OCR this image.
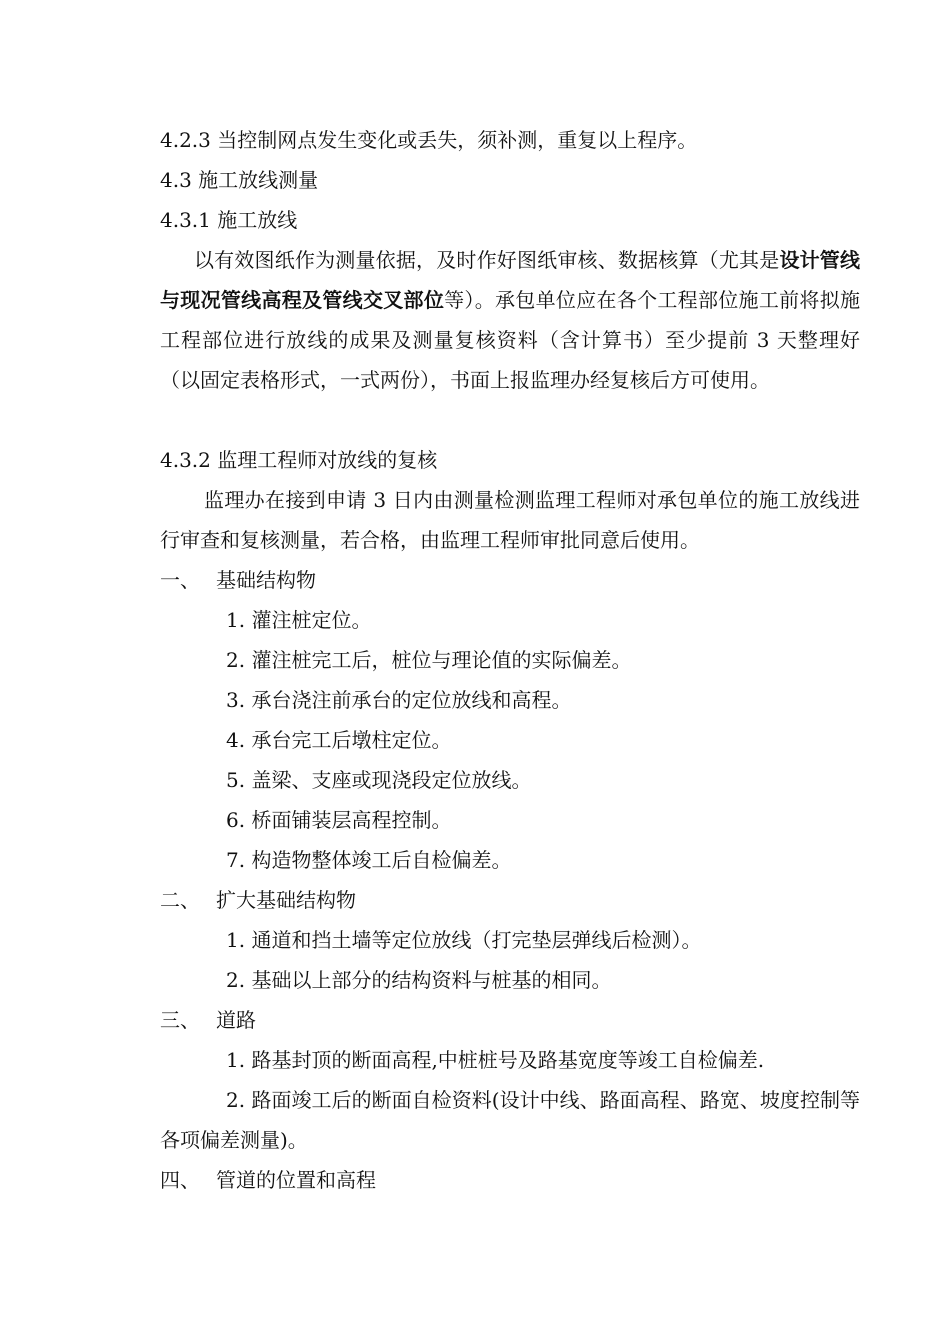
4.2.3 当控制网点发生变化或丢失，须补测，重复以上程序。
4.3 施工放线测量
4.3.1 施工放线
以有效图纸作为测量依据，及时作好图纸审核、数据核算（尤其是设计管线与现况管线高程及管线交叉部位等）。承包单位应在各个工程部位施工前将拟施工程部位进行放线的成果及测量复核资料（含计算书）至少提前 3 天整理好（以固定表格形式，一式两份），书面上报监理办经复核后方可使用。
4.3.2 监理工程师对放线的复核
监理办在接到申请 3 日内由测量检测监理工程师对承包单位的施工放线进行审查和复核测量，若合格，由监理工程师审批同意后使用。
一、 基础结构物
1. 灌注桩定位。
2. 灌注桩完工后，桩位与理论值的实际偏差。
3. 承台浇注前承台的定位放线和高程。
4. 承台完工后墩柱定位。
5. 盖梁、支座或现浇段定位放线。
6. 桥面铺装层高程控制。
7. 构造物整体竣工后自检偏差。
二、 扩大基础结构物
1. 通道和挡土墙等定位放线（打完垫层弹线后检测）。
2. 基础以上部分的结构资料与桩基的相同。
三、 道路
1. 路基封顶的断面高程,中桩桩号及路基宽度等竣工自检偏差.
2. 路面竣工后的断面自检资料(设计中线、路面高程、路宽、坡度控制等各项偏差测量)。
四、 管道的位置和高程
